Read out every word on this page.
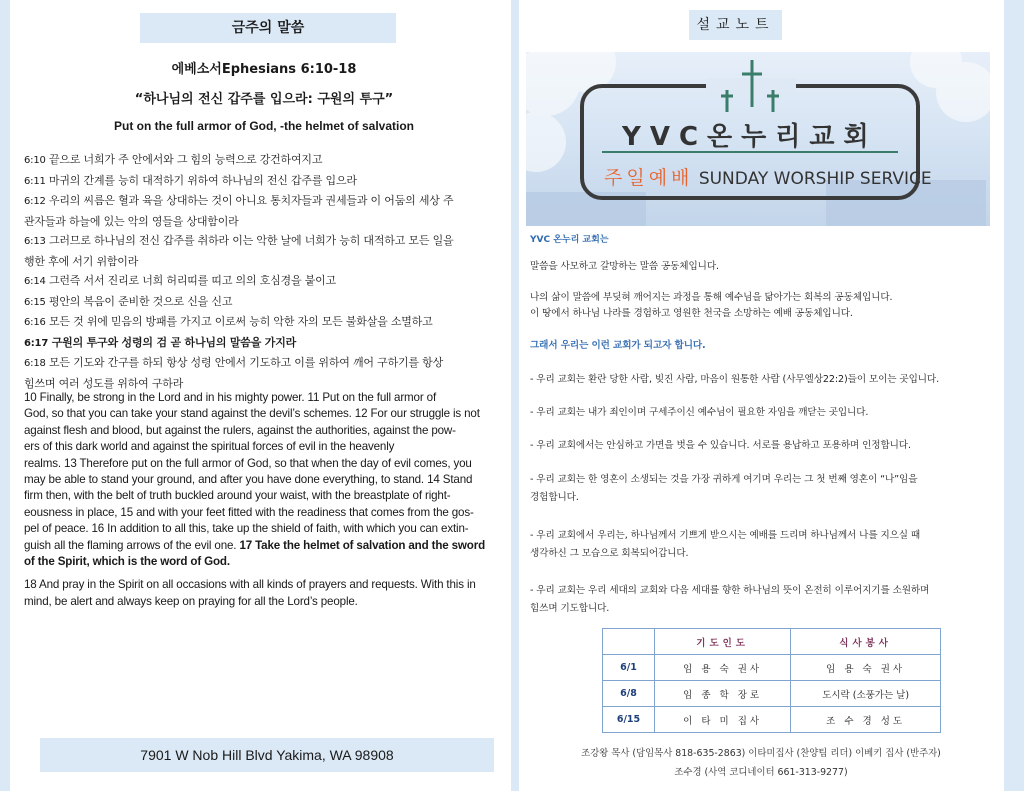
금주의 말씀
에베소서Ephesians 6:10-18
“하나님의 전신 갑주를 입으라: 구원의 투구”
Put on the full armor of God, -the helmet of salvation
6:10 끝으로 너희가 주 안에서와 그 힘의 능력으로 강건하여지고
6:11 마귀의 간계를 능히 대적하기 위하여 하나님의 전신 갑주를 입으라
6:12 우리의 씨름은 혈과 육을 상대하는 것이 아니요 통치자들과 권세들과 이 어둠의 세상 주
관자들과 하늘에 있는 악의 영들을 상대함이라
6:13 그러므로 하나님의 전신 갑주를 취하라 이는 악한 날에 너희가 능히 대적하고 모든 일을
행한 후에 서기 위함이라
6:14 그런즉 서서 진리로 너희 허리띠를 띠고 의의 호심경을 붙이고
6:15 평안의 복음이 준비한 것으로 신을 신고
6:16 모든 것 위에 믿음의 방패를 가지고 이로써 능히 악한 자의 모든 불화살을 소멸하고
6:17 구원의 투구와 성령의 검 곧 하나님의 말씀을 가지라
6:18 모든 기도와 간구를 하되 항상 성령 안에서 기도하고 이를 위하여 깨어 구하기를 항상
힘쓰며 여러 성도를 위하여 구하라

10 Finally, be strong in the Lord and in his mighty power. 11 Put on the full armor of
God, so that you can take your stand against the devil’s schemes. 12 For our struggle is not
against flesh and blood, but against the rulers, against the authorities, against the pow-
ers of this dark world and against the spiritual forces of evil in the heavenly
realms. 13 Therefore put on the full armor of God, so that when the day of evil comes, you
may be able to stand your ground, and after you have done everything, to stand. 14 Stand
firm then, with the belt of truth buckled around your waist, with the breastplate of right-
eousness in place, 15 and with your feet fitted with the readiness that comes from the gos-
pel of peace. 16 In addition to all this, take up the shield of faith, with which you can extin-

guish all the flaming arrows of the evil one. 17 Take the helmet of salvation and the sword

of the Spirit, which is the word of God.

18 And pray in the Spirit on all occasions with all kinds of prayers and requests. With this in

mind, be alert and always keep on praying for all the Lord’s people.

7901 W Nob Hill Blvd Yakima, WA 98908
설교노트
YVC온누리교회
주일예배 SUNDAY WORSHIP SERVICE
YVC 온누리 교회는
말씀을 사모하고 갈망하는 말씀 공동체입니다.
나의 삶이 말씀에 부딪혀 깨어지는 과정을 통해 예수님을 닮아가는 회복의 공동체입니다.
이 땅에서 하나님 나라를 경험하고 영원한 천국을 소망하는 예배 공동체입니다.
그래서 우리는 이런 교회가 되고자 합니다.
- 우리 교회는 환란 당한 사람, 빚진 사람, 마음이 원통한 사람 (사무엘상22:2)들이 모이는 곳입니다.
- 우리 교회는 내가 죄인이며 구세주이신 예수님이 필요한 자임을 깨닫는 곳입니다.
- 우리 교회에서는 안심하고 가면을 벗을 수 있습니다. 서로를 용납하고 포용하며 인정합니다.
- 우리 교회는 한 영혼이 소생되는 것을 가장 귀하게 여기며 우리는 그 첫 번째 영혼이 “나”임을
경험합니다.
- 우리 교회에서 우리는, 하나님께서 기쁘게 받으시는 예배를 드리며 하나님께서 나를 지으실 때
생각하신 그 모습으로 회복되어갑니다.
- 우리 교회는 우리 세대의 교회와 다음 세대를 향한 하나님의 뜻이 온전히 이루어지기를 소원하며
힘쓰며 기도합니다.
	기도인도	식사봉사
6/1	임 용 숙 권사	임 용 숙 권사
6/8	임 종 학 장로	도시락 (소풍가는 날)
6/15	이 타 미 집사	조 수 경 성도
조강왕 목사 (담임목사 818-635-2863) 이타미집사 (찬양팀 리더) 이베키 집사 (반주자)
조수경 (사역 코디네이터 661-313-9277)
